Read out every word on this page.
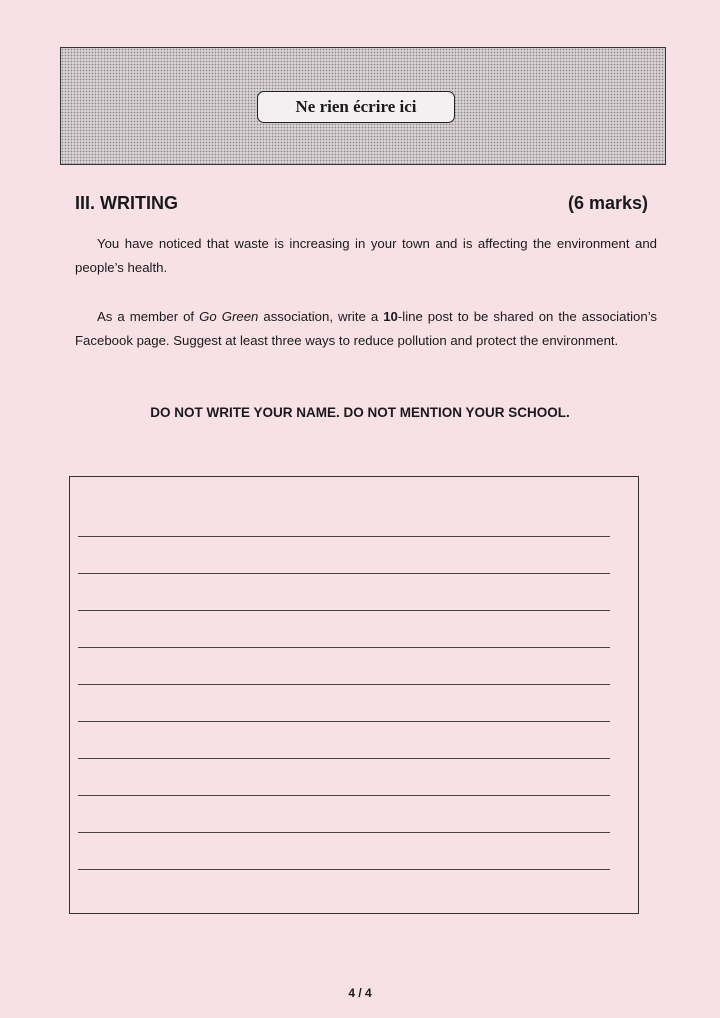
Ne rien écrire ici
III. WRITING	(6 marks)

You have noticed that waste is increasing in your town and is affecting the environment and people’s health.

As a member of Go Green association, write a 10-line post to be shared on the association’s Facebook page. Suggest at least three ways to reduce pollution and protect the environment.

DO NOT WRITE YOUR NAME. DO NOT MENTION YOUR SCHOOL.
4 / 4
